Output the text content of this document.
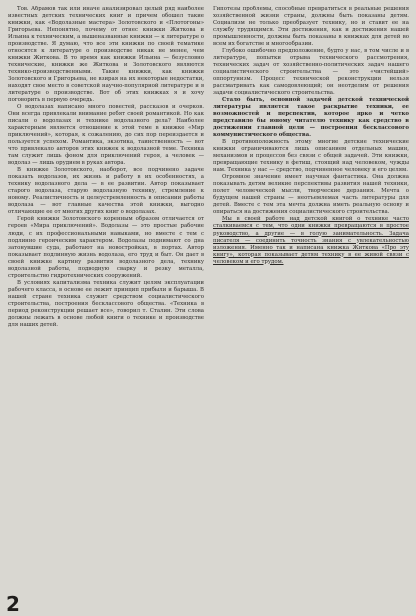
Тов. Абрамов так или иначе анализировал целый ряд наиболее известных детских технических книг и причем обошел такие книжки, как «Водолазные мастера» Золотовского и «Плотогоны» Григорьева. Непонятно, почему от отнес книжки Житкова и Ильина к техническим, а вышеназванные книжки — к литературе о производстве. Я думаю, что все эти книжки по своей тематике относятся к литературе о производстве никак не менее, чем книжки Житкова. В то время как книжки Ильина — безусловно технические, книжки же Житкова и Золотовского являются технико-производственными. Такие книжки, как книжки Золотовского и Григорьева, не взирая на их некоторые недостатки, находят свое место в советской научно-популярной литературе и в литературе о производстве. Вот об этих книжках я и хочу поговорить в первую очередь.

О водолазах написано много повестей, рассказов и очерков. Они всегда привлекали внимание ребят своей романтикой. Но как писали о водолазах и технике водолазного дела? Наиболее характерным является отношение к этой теме в книжке «Мир приключений», которая, к сожалению, до сих пор переиздается и пользуется успехом. Романтика, экзотика, таинственность — вот что привлекало авторов этих книжек к водолазной теме. Техника там служит лишь фоном для приключений героя, а человек — водолаз — лишь орудием в руках автора.

В книжке Золотовского, наоборот, все подчинено задаче показать водолазов, их жизнь и работу в их особенностях, а технику водолазного дела — в ее развитии. Автор показывает старого водолаза, старую водолазную технику, стремление к новому. Реалистичность и целеустремленность в описании работы водолаза — вот главные качества этой книжки, выгодно отличающие ее от многих других книг о водолазах.

Герой книжки Золотовского коренным образом отличается от героев «Мира приключений». Водолазы — это простые рабочие люди, с их профессиональными навыками, но вместе с тем с подлинно героическим характером. Водолазы поднимают со дна затонувшие суда, работают на новостройках, в портах. Автор показывает подлинную жизнь водолаза, его труд и быт. Он дает в своей книжке картину развития водолазного дела, технику водолазной работы, подводную сварку и резку металла, строительство гидротехнических сооружений.

В условиях капитализма техника служит целям эксплуатации рабочего класса, в основе ее лежит принцип прибыли и барыша. В нашей стране техника служит средством социалистического строительства, построения бесклассового общества. «Техника в период реконструкции решает все», говорил т. Сталин. Эти слова должны лежать в основе любой книги о технике и производстве для наших детей.

Гипотезы проблемы, способные превратиться в реальные решения хозяйственной жизни страны, должны быть показаны детям. Социализм не только преобразует технику, но и ставит ее на службу трудящимся. Эти достижения, как и достижения нашей промышленности, должны быть показаны в книжках для детей во всем их богатстве и многообразии.

Глубоко ошибочно предположение, будто у нас, в том числе и в литературе, попытки отрыва технического рассмотрения, технических задач от хозяйственно-политических задач нашего социалистического строительства — это «чистейший» оппортунизм. Процесс технической реконструкции нельзя рассматривать как самодовлеющий; он неотделим от решения задачи социалистического строительства.

Стало быть, основной задачей детской технической литературы является такое раскрытие техники, ее возможностей и перспектив, которое ярко и четко представило бы юному читателю технику как средство в достижении главной цели — построения бесклассового коммунистического общества.

В противоположность этому многие детские технические книжки ограничиваются лишь описанием отдельных машин, механизмов и процессов без связи с общей задачей. Эти книжки, превращающие технику в фетиш, стоящий над человеком, чужды нам. Техника у нас — средство, подчиненное человеку и его целям.

Огромное значение имеет научная фантастика. Она должна показывать детям великие перспективы развития нашей техники, полет человеческой мысли, творческие дерзания. Мечта о будущем нашей страны — неотъемлемая часть литературы для детей. Вместе с тем эта мечта должна иметь реальную основу и опираться на достижения социалистического строительства.

Мы в своей работе над детской книгой о технике часто сталкиваемся с тем, что одни книжки превращаются в простое руководство, а другие — в голую занимательность. Задача писателя — соединить точность знания с увлекательностью изложения. Именно так и написана книжка Житкова «Про эту книгу», которая показывает детям технику в ее живой связи с человеком и его трудом.

2
